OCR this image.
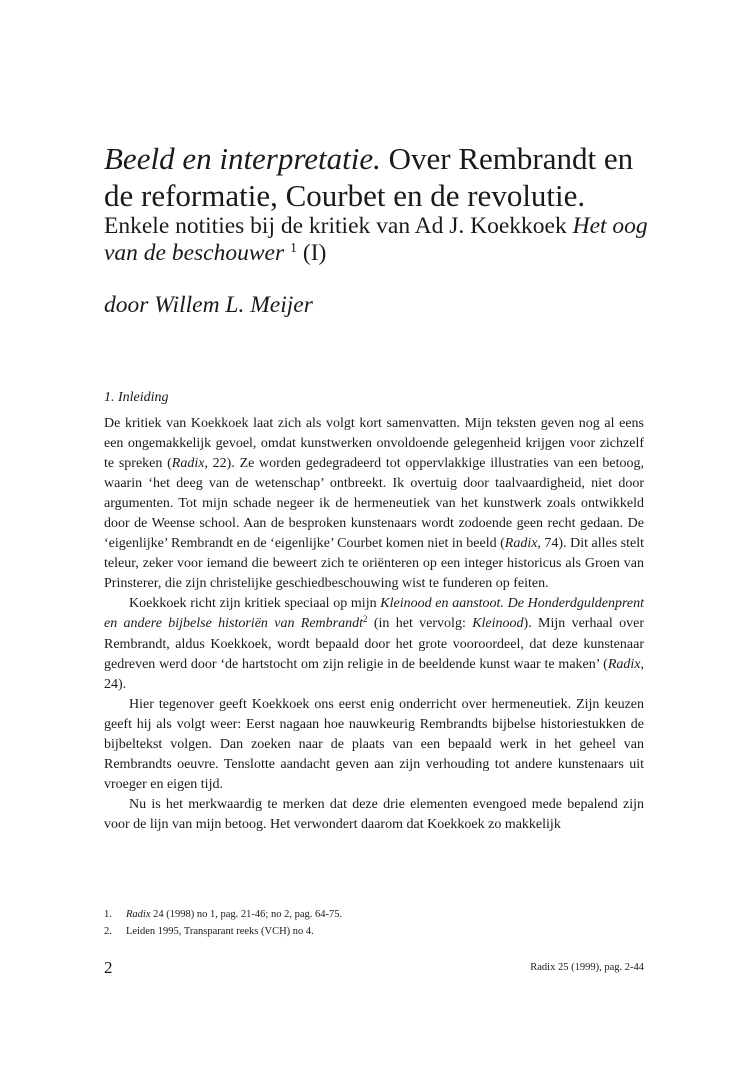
Beeld en interpretatie. Over Rembrandt en de reformatie, Courbet en de revolutie.
Enkele notities bij de kritiek van Ad J. Koekkoek Het oog van de beschouwer $^1$ (I)
door Willem L. Meijer
1. Inleiding

De kritiek van Koekkoek laat zich als volgt kort samenvatten. Mijn teksten geven nog al eens een ongemakkelijk gevoel, omdat kunstwerken onvoldoende gelegenheid krijgen voor zichzelf te spreken (Radix, 22). Ze worden gedegradeerd tot oppervlakkige illustraties van een betoog, waarin ‘het deeg van de wetenschap’ ontbreekt. Ik overtuig door taalvaardigheid, niet door argumenten. Tot mijn schade negeer ik de hermeneutiek van het kunstwerk zoals ontwikkeld door de Weense school. Aan de besproken kunstenaars wordt zodoende geen recht gedaan. De ‘eigenlijke’ Rembrandt en de ‘eigenlijke’ Courbet komen niet in beeld (Radix, 74). Dit alles stelt teleur, zeker voor iemand die beweert zich te oriënteren op een integer historicus als Groen van Prinsterer, die zijn christelijke geschiedbeschouwing wist te funderen op feiten.

Koekkoek richt zijn kritiek speciaal op mijn Kleinood en aanstoot. De Honderdguldenprent en andere bijbelse historiën van Rembrandt$^2$ (in het vervolg: Kleinood). Mijn verhaal over Rembrandt, aldus Koekkoek, wordt bepaald door het grote vooroordeel, dat deze kunstenaar gedreven werd door ‘de hartstocht om zijn religie in de beeldende kunst waar te maken’ (Radix, 24).

Hier tegenover geeft Koekkoek ons eerst enig onderricht over hermeneutiek. Zijn keuzen geeft hij als volgt weer: Eerst nagaan hoe nauwkeurig Rembrandts bijbelse historiestukken de bijbeltekst volgen. Dan zoeken naar de plaats van een bepaald werk in het geheel van Rembrandts oeuvre. Tenslotte aandacht geven aan zijn verhouding tot andere kunstenaars uit vroeger en eigen tijd.

Nu is het merkwaardig te merken dat deze drie elementen evengoed mede bepalend zijn voor de lijn van mijn betoog. Het verwondert daarom dat Koekkoek zo makkelijk

1.	Radix 24 (1998) no 1, pag. 21-46; no 2, pag. 64-75.
2.	Leiden 1995, Transparant reeks (VCH) no 4.
2	Radix 25 (1999), pag. 2-44
